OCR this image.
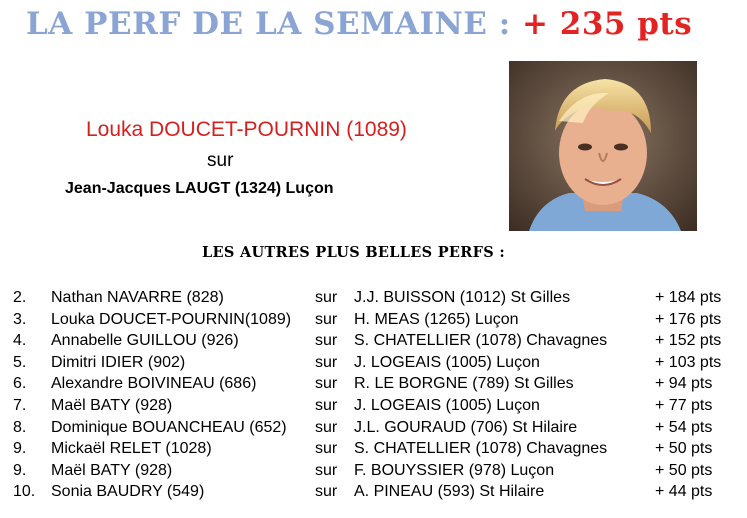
LA PERF DE LA SEMAINE : + 235 pts
Louka DOUCET-POURNIN (1089)
sur
Jean-Jacques LAUGT (1324) Luçon
LES AUTRES PLUS BELLES PERFS :
2. Nathan NAVARRE (828)	sur J.J. BUISSON (1012) St Gilles	+ 184 pts
3. Louka DOUCET-POURNIN(1089) sur H. MEAS (1265) Luçon	+ 176 pts
4. Annabelle GUILLOU (926)	sur S. CHATELLIER (1078) Chavagnes	+ 152 pts
5. Dimitri IDIER (902)	sur J. LOGEAIS (1005) Luçon	+ 103 pts
6. Alexandre BOIVINEAU (686)	sur R. LE BORGNE (789) St Gilles	+ 94 pts
7. Maël BATY (928)	sur J. LOGEAIS (1005) Luçon	+ 77 pts
8. Dominique BOUANCHEAU (652) sur J.L. GOURAUD (706) St Hilaire	+ 54 pts
9. Mickaël RELET (1028)	sur S. CHATELLIER (1078) Chavagnes	+ 50 pts
9. Maël BATY (928)	sur F. BOUYSSIER (978) Luçon	+ 50 pts
10. Sonia BAUDRY (549)	sur A. PINEAU (593) St Hilaire	+ 44 pts
